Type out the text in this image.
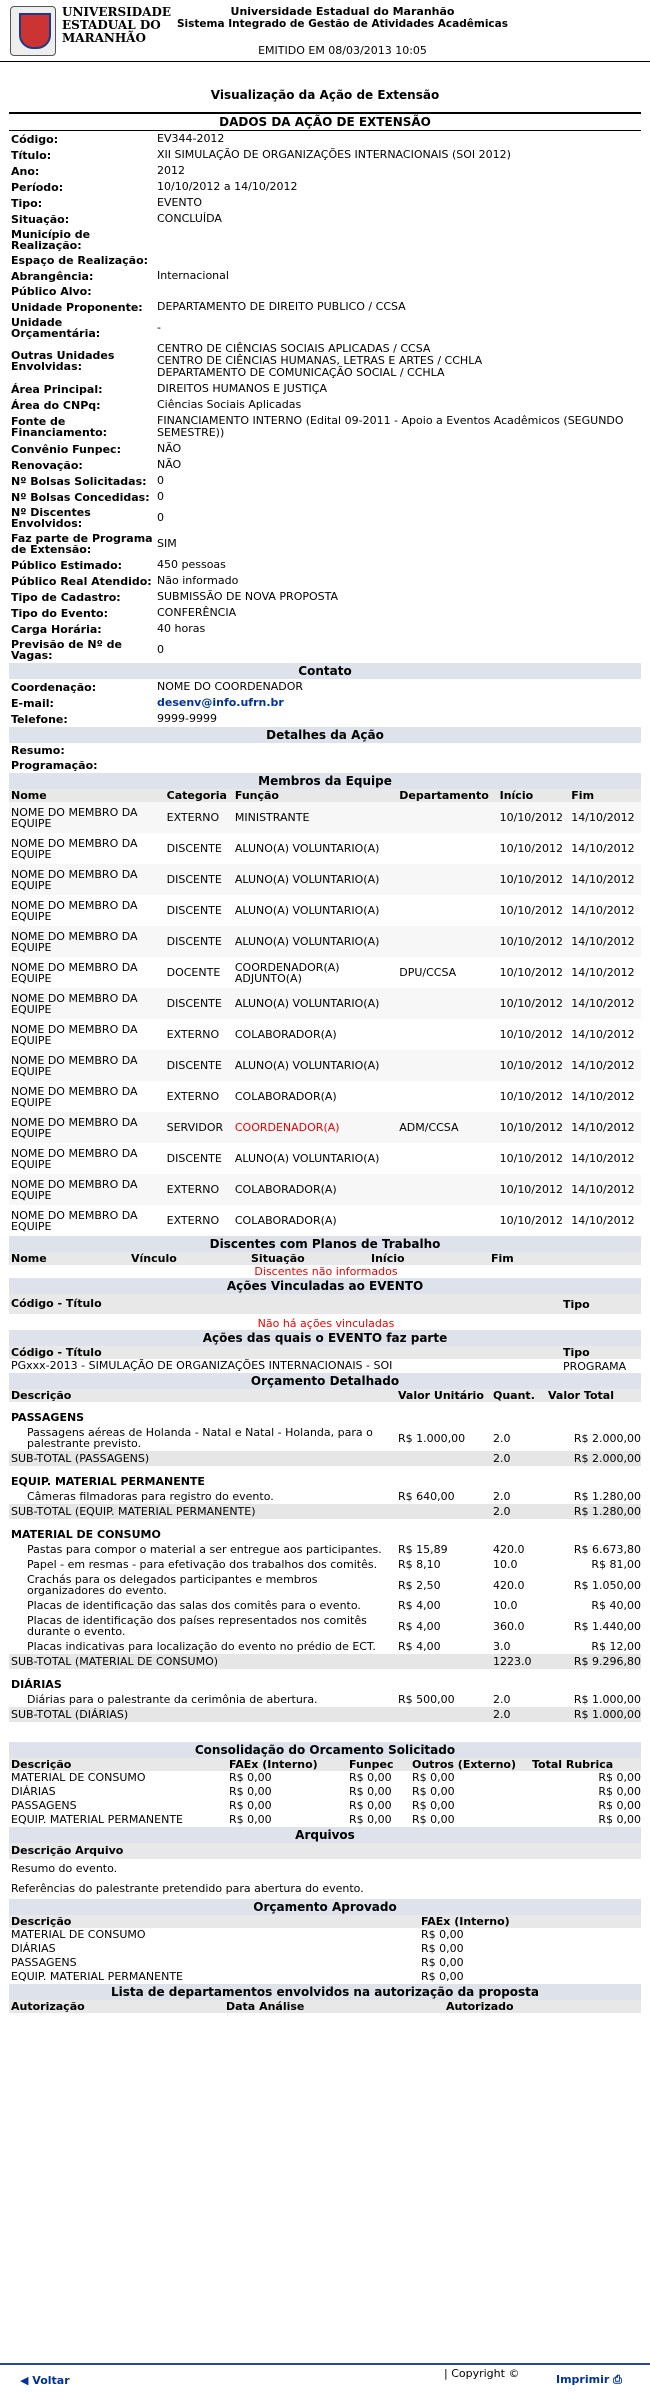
UNIVERSIDADE
ESTADUAL DO
MARANHÃO
Universidade Estadual do Maranhão
Sistema Integrado de Gestão de Atividades Acadêmicas
EMITIDO EM 08/03/2013 10:05
Visualização da Ação de Extensão
DADOS DA AÇÃO DE EXTENSÃO
Código:	EV344-2012
Título:	XII SIMULAÇÃO DE ORGANIZAÇÕES INTERNACIONAIS (SOI 2012)
Ano:	2012
Período:	10/10/2012 a 14/10/2012
Tipo:	EVENTO
Situação:	CONCLUÍDA
Município de Realização:	
Espaço de Realização:	
Abrangência:	Internacional
Público Alvo:	
Unidade Proponente:	DEPARTAMENTO DE DIREITO PUBLICO / CCSA
Unidade Orçamentária:	-
Outras Unidades Envolvidas:	CENTRO DE CIÊNCIAS SOCIAIS APLICADAS / CCSA
CENTRO DE CIÊNCIAS HUMANAS, LETRAS E ARTES / CCHLA
DEPARTAMENTO DE COMUNICAÇÃO SOCIAL / CCHLA
Área Principal:	DIREITOS HUMANOS E JUSTIÇA
Área do CNPq:	Ciências Sociais Aplicadas
Fonte de Financiamento:	FINANCIAMENTO INTERNO (Edital 09-2011 - Apoio a Eventos Acadêmicos (SEGUNDO SEMESTRE))
Convênio Funpec:	NÃO
Renovação:	NÃO
Nº Bolsas Solicitadas:	0
Nº Bolsas Concedidas:	0
Nº Discentes Envolvidos:	0
Faz parte de Programa de Extensão:	SIM
Público Estimado:	450 pessoas
Público Real Atendido:	Não informado
Tipo de Cadastro:	SUBMISSÃO DE NOVA PROPOSTA
Tipo do Evento:	CONFERÊNCIA
Carga Horária:	40 horas
Previsão de Nº de Vagas:	0
Contato
Coordenação:	NOME DO COORDENADOR
E-mail:	desenv@info.ufrn.br
Telefone:	9999-9999
Detalhes da Ação
Resumo:	
Programação:	
Membros da Equipe
Nome	Categoria	Função	Departamento	Início	Fim
NOME DO MEMBRO DA EQUIPE	EXTERNO	MINISTRANTE		10/10/2012	14/10/2012
NOME DO MEMBRO DA EQUIPE	DISCENTE	ALUNO(A) VOLUNTARIO(A)		10/10/2012	14/10/2012
NOME DO MEMBRO DA EQUIPE	DISCENTE	ALUNO(A) VOLUNTARIO(A)		10/10/2012	14/10/2012
NOME DO MEMBRO DA EQUIPE	DISCENTE	ALUNO(A) VOLUNTARIO(A)		10/10/2012	14/10/2012
NOME DO MEMBRO DA EQUIPE	DISCENTE	ALUNO(A) VOLUNTARIO(A)		10/10/2012	14/10/2012
NOME DO MEMBRO DA EQUIPE	DOCENTE	COORDENADOR(A) ADJUNTO(A)	DPU/CCSA	10/10/2012	14/10/2012
NOME DO MEMBRO DA EQUIPE	DISCENTE	ALUNO(A) VOLUNTARIO(A)		10/10/2012	14/10/2012
NOME DO MEMBRO DA EQUIPE	EXTERNO	COLABORADOR(A)		10/10/2012	14/10/2012
NOME DO MEMBRO DA EQUIPE	DISCENTE	ALUNO(A) VOLUNTARIO(A)		10/10/2012	14/10/2012
NOME DO MEMBRO DA EQUIPE	EXTERNO	COLABORADOR(A)		10/10/2012	14/10/2012
NOME DO MEMBRO DA EQUIPE	SERVIDOR	COORDENADOR(A)	ADM/CCSA	10/10/2012	14/10/2012
NOME DO MEMBRO DA EQUIPE	DISCENTE	ALUNO(A) VOLUNTARIO(A)		10/10/2012	14/10/2012
NOME DO MEMBRO DA EQUIPE	EXTERNO	COLABORADOR(A)		10/10/2012	14/10/2012
NOME DO MEMBRO DA EQUIPE	EXTERNO	COLABORADOR(A)		10/10/2012	14/10/2012
Discentes com Planos de Trabalho
Nome	Vínculo	Situação	Início	Fim
Discentes não informados
Ações Vinculadas ao EVENTO
Código - Título	Tipo
Não há ações vinculadas
Ações das quais o EVENTO faz parte
Código - Título	Tipo
PGxxx-2013 - SIMULAÇÃO DE ORGANIZAÇÕES INTERNACIONAIS - SOI	PROGRAMA
Orçamento Detalhado
Descrição	Valor Unitário	Quant.	Valor Total
PASSAGENS			
Passagens aéreas de Holanda - Natal e Natal - Holanda, para o palestrante previsto.	R$ 1.000,00	2.0	R$ 2.000,00
SUB-TOTAL (PASSAGENS)		2.0	R$ 2.000,00
EQUIP. MATERIAL PERMANENTE			
Câmeras filmadoras para registro do evento.	R$ 640,00	2.0	R$ 1.280,00
SUB-TOTAL (EQUIP. MATERIAL PERMANENTE)		2.0	R$ 1.280,00
MATERIAL DE CONSUMO			
Pastas para compor o material a ser entregue aos participantes.	R$ 15,89	420.0	R$ 6.673,80
Papel - em resmas - para efetivação dos trabalhos dos comitês.	R$ 8,10	10.0	R$ 81,00
Crachás para os delegados participantes e membros organizadores do evento.	R$ 2,50	420.0	R$ 1.050,00
Placas de identificação das salas dos comitês para o evento.	R$ 4,00	10.0	R$ 40,00
Placas de identificação dos países representados nos comitês durante o evento.	R$ 4,00	360.0	R$ 1.440,00
Placas indicativas para localização do evento no prédio de ECT.	R$ 4,00	3.0	R$ 12,00
SUB-TOTAL (MATERIAL DE CONSUMO)		1223.0	R$ 9.296,80
DIÁRIAS			
Diárias para o palestrante da cerimônia de abertura.	R$ 500,00	2.0	R$ 1.000,00
SUB-TOTAL (DIÁRIAS)		2.0	R$ 1.000,00
Consolidação do Orcamento Solicitado
Descrição	FAEx (Interno)	Funpec	Outros (Externo)	Total Rubrica
MATERIAL DE CONSUMO	R$ 0,00	R$ 0,00	R$ 0,00	R$ 0,00
DIÁRIAS	R$ 0,00	R$ 0,00	R$ 0,00	R$ 0,00
PASSAGENS	R$ 0,00	R$ 0,00	R$ 0,00	R$ 0,00
EQUIP. MATERIAL PERMANENTE	R$ 0,00	R$ 0,00	R$ 0,00	R$ 0,00
Arquivos
Descrição Arquivo
Resumo do evento.
Referências do palestrante pretendido para abertura do evento.
Orçamento Aprovado
Descrição	FAEx (Interno)
MATERIAL DE CONSUMO	R$ 0,00
DIÁRIAS	R$ 0,00
PASSAGENS	R$ 0,00
EQUIP. MATERIAL PERMANENTE	R$ 0,00
Lista de departamentos envolvidos na autorização da proposta
Autorização	Data Análise	Autorizado
◀ Voltar
| Copyright ©	Imprimir ⎙
